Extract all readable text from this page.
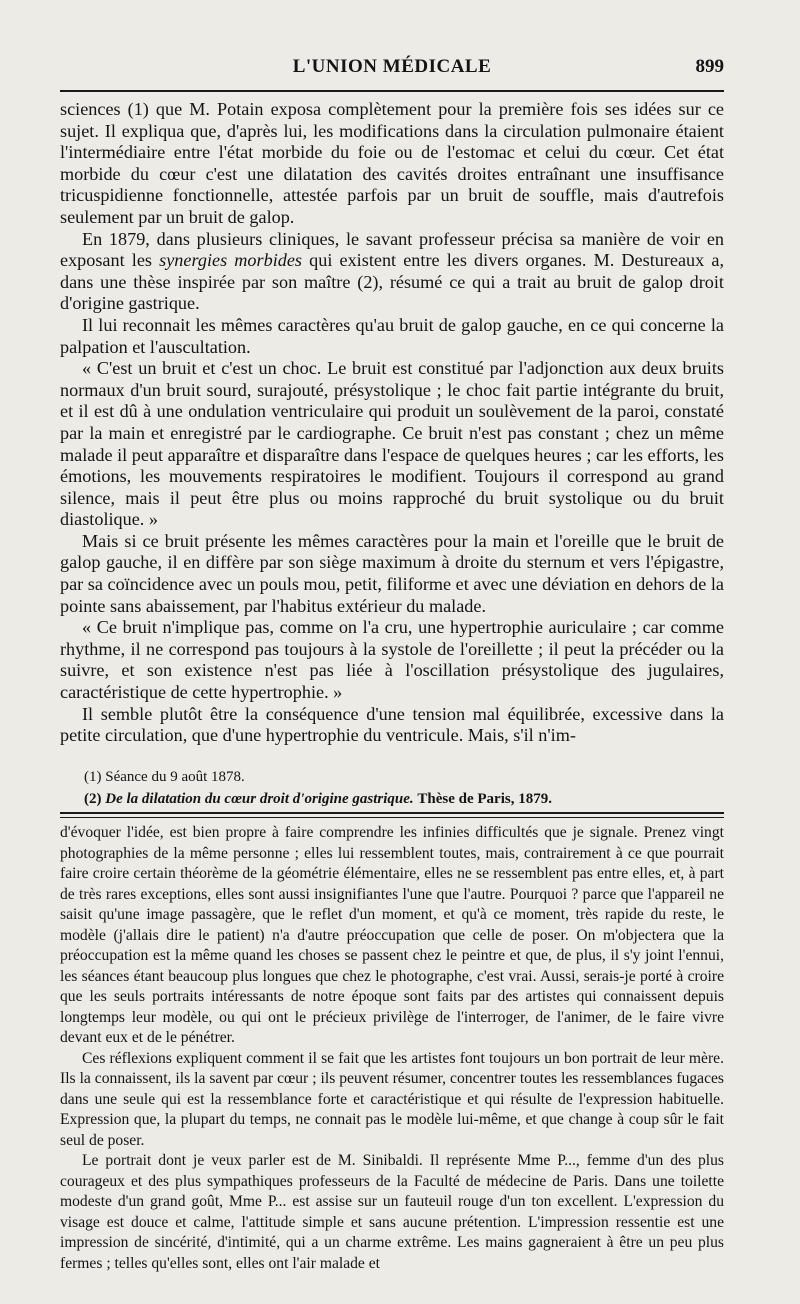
L'UNION MÉDICALE	899

sciences (1) que M. Potain exposa complètement pour la première fois ses idées sur ce sujet. Il expliqua que, d'après lui, les modifications dans la circulation pulmonaire étaient l'intermédiaire entre l'état morbide du foie ou de l'estomac et celui du cœur. Cet état morbide du cœur c'est une dilatation des cavités droites entraînant une insuffisance tricuspidienne fonctionnelle, attestée parfois par un bruit de souffle, mais d'autrefois seulement par un bruit de galop.

En 1879, dans plusieurs cliniques, le savant professeur précisa sa manière de voir en exposant les synergies morbides qui existent entre les divers organes. M. Destureaux a, dans une thèse inspirée par son maître (2), résumé ce qui a trait au bruit de galop droit d'origine gastrique.

Il lui reconnait les mêmes caractères qu'au bruit de galop gauche, en ce qui concerne la palpation et l'auscultation.

« C'est un bruit et c'est un choc. Le bruit est constitué par l'adjonction aux deux bruits normaux d'un bruit sourd, surajouté, présystolique ; le choc fait partie intégrante du bruit, et il est dû à une ondulation ventriculaire qui produit un soulèvement de la paroi, constaté par la main et enregistré par le cardiographe. Ce bruit n'est pas constant ; chez un même malade il peut apparaître et disparaître dans l'espace de quelques heures ; car les efforts, les émotions, les mouvements respiratoires le modifient. Toujours il correspond au grand silence, mais il peut être plus ou moins rapproché du bruit systolique ou du bruit diastolique. »

Mais si ce bruit présente les mêmes caractères pour la main et l'oreille que le bruit de galop gauche, il en diffère par son siège maximum à droite du sternum et vers l'épigastre, par sa coïncidence avec un pouls mou, petit, filiforme et avec une déviation en dehors de la pointe sans abaissement, par l'habitus extérieur du malade.

« Ce bruit n'implique pas, comme on l'a cru, une hypertrophie auriculaire ; car comme rhythme, il ne correspond pas toujours à la systole de l'oreillette ; il peut la précéder ou la suivre, et son existence n'est pas liée à l'oscillation présystolique des jugulaires, caractéristique de cette hypertrophie. »

Il semble plutôt être la conséquence d'une tension mal équilibrée, excessive dans la petite circulation, que d'une hypertrophie du ventricule. Mais, s'il n'im-

(1) Séance du 9 août 1878.

(2) De la dilatation du cœur droit d'origine gastrique. Thèse de Paris, 1879.

d'évoquer l'idée, est bien propre à faire comprendre les infinies difficultés que je signale. Prenez vingt photographies de la même personne ; elles lui ressemblent toutes, mais, contrairement à ce que pourrait faire croire certain théorème de la géométrie élémentaire, elles ne se ressemblent pas entre elles, et, à part de très rares exceptions, elles sont aussi insignifiantes l'une que l'autre. Pourquoi ? parce que l'appareil ne saisit qu'une image passagère, que le reflet d'un moment, et qu'à ce moment, très rapide du reste, le modèle (j'allais dire le patient) n'a d'autre préoccupation que celle de poser. On m'objectera que la préoccupation est la même quand les choses se passent chez le peintre et que, de plus, il s'y joint l'ennui, les séances étant beaucoup plus longues que chez le photographe, c'est vrai. Aussi, serais-je porté à croire que les seuls portraits intéressants de notre époque sont faits par des artistes qui connaissent depuis longtemps leur modèle, ou qui ont le précieux privilège de l'interroger, de l'animer, de le faire vivre devant eux et de le pénétrer.

Ces réflexions expliquent comment il se fait que les artistes font toujours un bon portrait de leur mère. Ils la connaissent, ils la savent par cœur ; ils peuvent résumer, concentrer toutes les ressemblances fugaces dans une seule qui est la ressemblance forte et caractéristique et qui résulte de l'expression habituelle. Expression que, la plupart du temps, ne connait pas le modèle lui-même, et que change à coup sûr le fait seul de poser.

Le portrait dont je veux parler est de M. Sinibaldi. Il représente Mme P..., femme d'un des plus courageux et des plus sympathiques professeurs de la Faculté de médecine de Paris. Dans une toilette modeste d'un grand goût, Mme P... est assise sur un fauteuil rouge d'un ton excellent. L'expression du visage est douce et calme, l'attitude simple et sans aucune prétention. L'impression ressentie est une impression de sincérité, d'intimité, qui a un charme extrême. Les mains gagneraient à être un peu plus fermes ; telles qu'elles sont, elles ont l'air malade et
